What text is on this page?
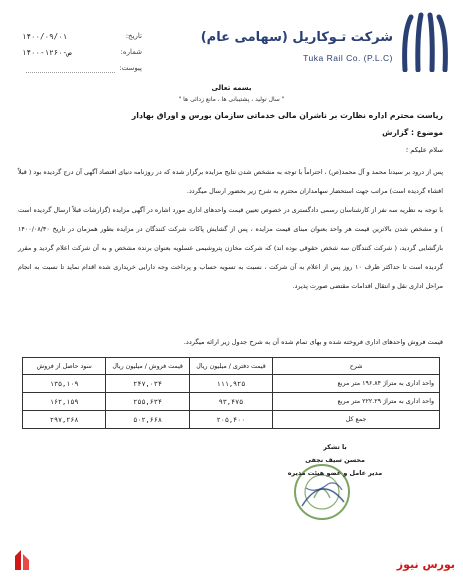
شرکت تـوکاریل (سهامی عام)
Tuka Rail Co. (P.L.C)
تاریخ:
۱۴۰۰/۰۹/۰۱
شماره:
۱۴۰۰-۱۲۶۰-ص
پیوست:
بسمه تعالی
" سال تولید ، پشتیبانی ها ، مانع زدائی ها "
ریاست محترم اداره نظارت بر ناشران مالی خدماتی سازمان بورس و اوراق بهادار
موضوع : گزارش
سلام علیکم ؛
پس از درود بر سیدنا محمد و آل محمد(ص) ، احتراماً با توجه به مشخص شدن نتایج مزایده برگزار شده که در روزنامه دنیای اقتصاد آگهی آن درج گردیده بود ( قبلاً افشاء گردیده است) مراتب جهت استحضار سهامداران محترم به شرح زیر بحضور ارسال میگردد.
با توجه به نظریه سه نفر از کارشناسان رسمی دادگستری در خصوص تعیین قیمت واحدهای اداری مورد اشاره در آگهی مزایده (گزارشات قبلاً ارسال گردیده است ) و مشخص شدن بالاترین قیمت هر واحد بعنوان مبنای قیمت مزایده ، پس از گشایش پاکات شرکت کنندگان در مزایده بطور همزمان در تاریخ ۱۴۰۰/۰۸/۳۰ بازگشایی گردید، ( شرکت کنندگان سه شخص حقوقی بوده اند) که شرکت مخازن پتروشیمی عسلویه بعنوان برنده مشخص و به آن شرکت اعلام گردید و مقرر گردیده است تا حداکثر ظرف ۱۰ روز پس از اعلام به آن شرکت ، نسبت به تسویه حساب و پرداخت وجه دارایی خریداری شده اقدام نماید تا نسبت به انجام مراحل اداری نقل و انتقال اقدامات مقتضی صورت پذیرد.
قیمت فروش واحدهای اداری فروخته شده و بهای تمام شده آن به شرح جدول زیر ارائه میگردد.
شرح	قیمت دفتری / میلیون ریال	قیمت فروش / میلیون ریال	سود حاصل از فروش
واحد اداری به متراژ ۱۹۶.۸۴ متر مربع	۱۱۱,۹۲۵	۲۴۷,۰۳۴	۱۳۵,۱۰۹
واحد اداری به متراژ ۲۲۲.۲۹ متر مربع	۹۳,۴۷۵	۲۵۵,۶۳۴	۱۶۲,۱۵۹
جمع کل	۲۰۵,۴۰۰	۵۰۲,۶۶۸	۲۹۷,۲۶۸
با تشکر
محسن سیف نجفی
مدیر عامل و عضو هیئت مدیره
بورس نیوز
